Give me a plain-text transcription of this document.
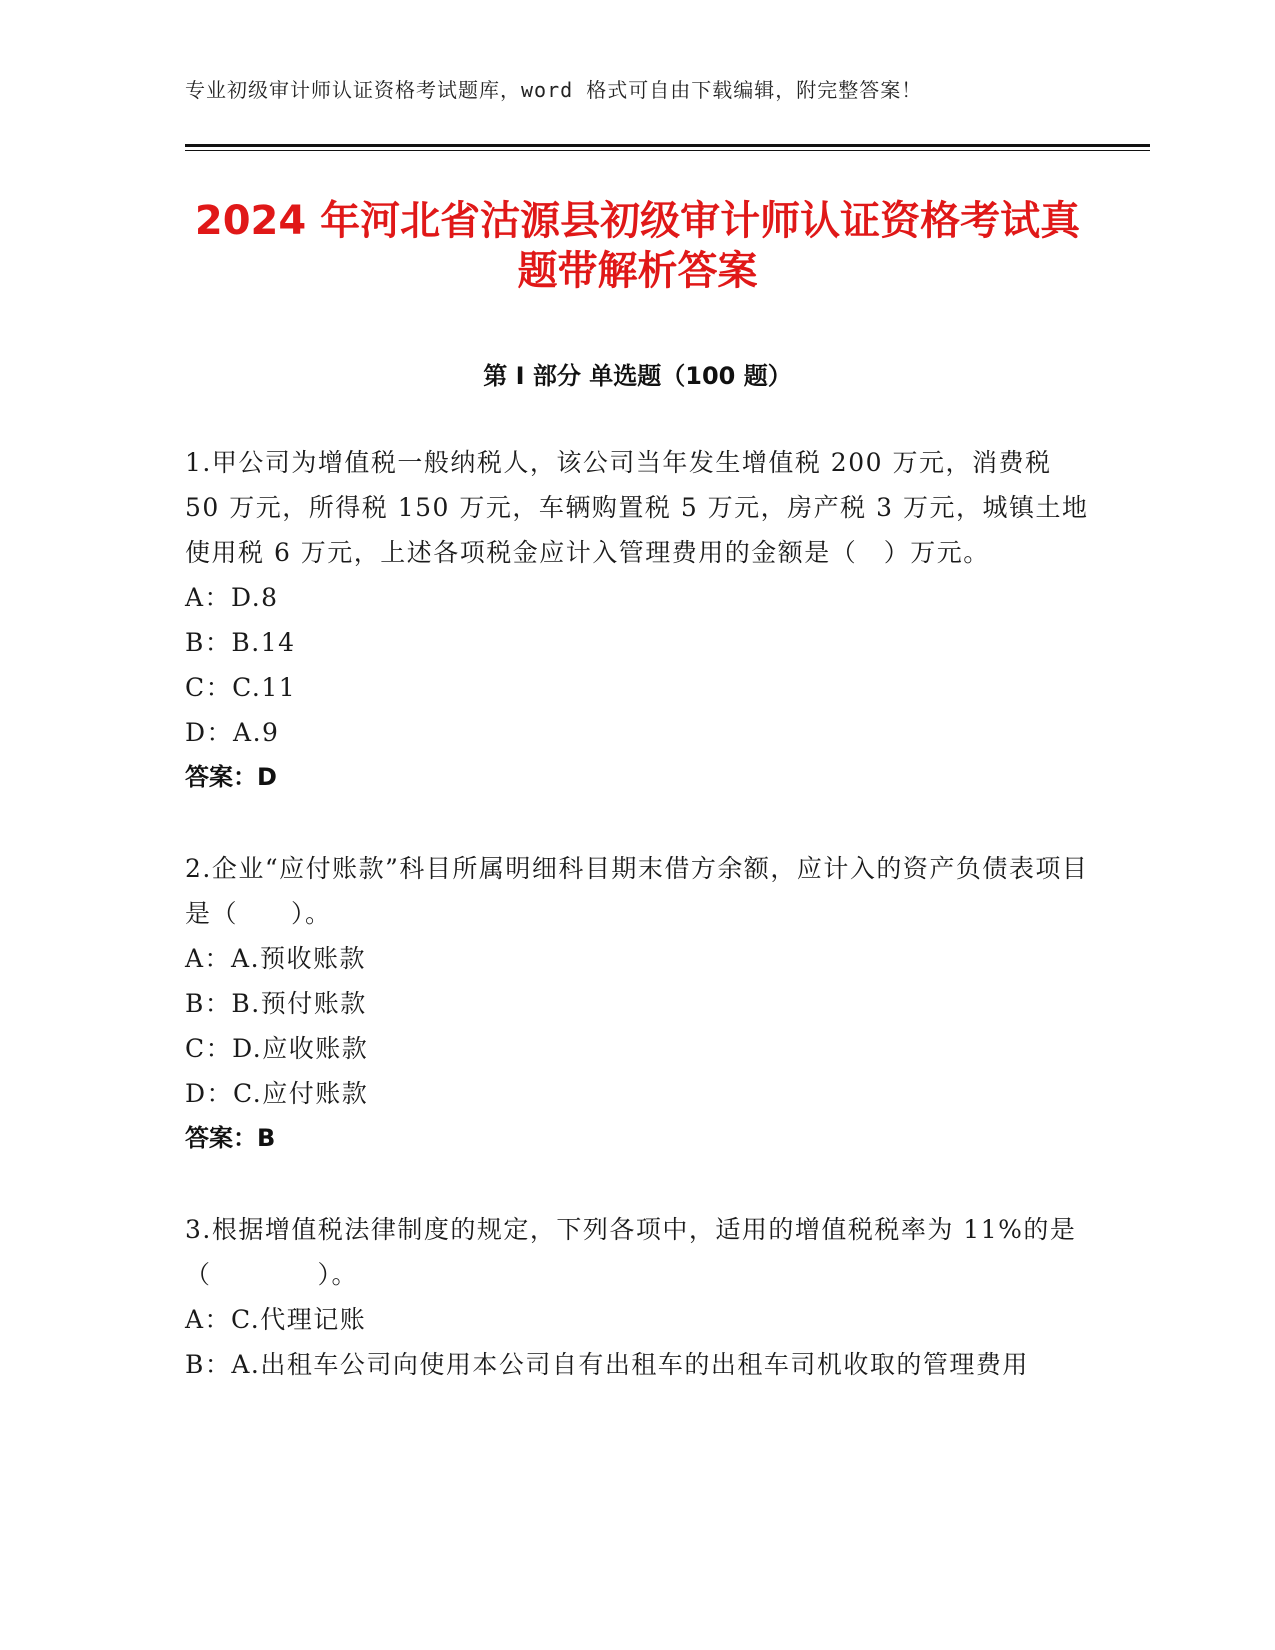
专业初级审计师认证资格考试题库，word 格式可自由下载编辑，附完整答案！
2024 年河北省沽源县初级审计师认证资格考试真题带解析答案
第 I 部分 单选题（100 题）
1.甲公司为增值税一般纳税人，该公司当年发生增值税 200 万元，消费税 50 万元，所得税 150 万元，车辆购置税 5 万元，房产税 3 万元，城镇土地使用税 6 万元，上述各项税金应计入管理费用的金额是（　）万元。
A：D.8
B：B.14
C：C.11
D：A.9
答案：D
2.企业“应付账款”科目所属明细科目期末借方余额，应计入的资产负债表项目是（　　）。
A：A.预收账款
B：B.预付账款
C：D.应收账款
D：C.应付账款
答案：B
3.根据增值税法律制度的规定，下列各项中，适用的增值税税率为 11%的是（　　　　）。
A：C.代理记账
B：A.出租车公司向使用本公司自有出租车的出租车司机收取的管理费用
